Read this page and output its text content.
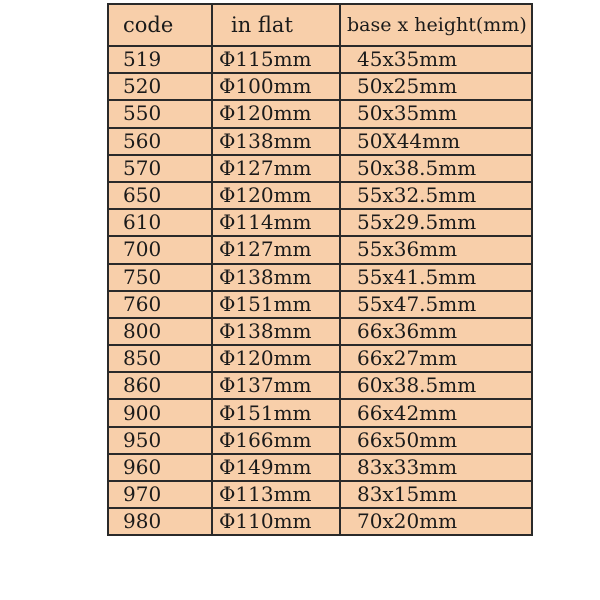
code	in flat	base x height(mm)
519	Φ115mm	45x35mm
520	Φ100mm	50x25mm
550	Φ120mm	50x35mm
560	Φ138mm	50X44mm
570	Φ127mm	50x38.5mm
650	Φ120mm	55x32.5mm
610	Φ114mm	55x29.5mm
700	Φ127mm	55x36mm
750	Φ138mm	55x41.5mm
760	Φ151mm	55x47.5mm
800	Φ138mm	66x36mm
850	Φ120mm	66x27mm
860	Φ137mm	60x38.5mm
900	Φ151mm	66x42mm
950	Φ166mm	66x50mm
960	Φ149mm	83x33mm
970	Φ113mm	83x15mm
980	Φ110mm	70x20mm
